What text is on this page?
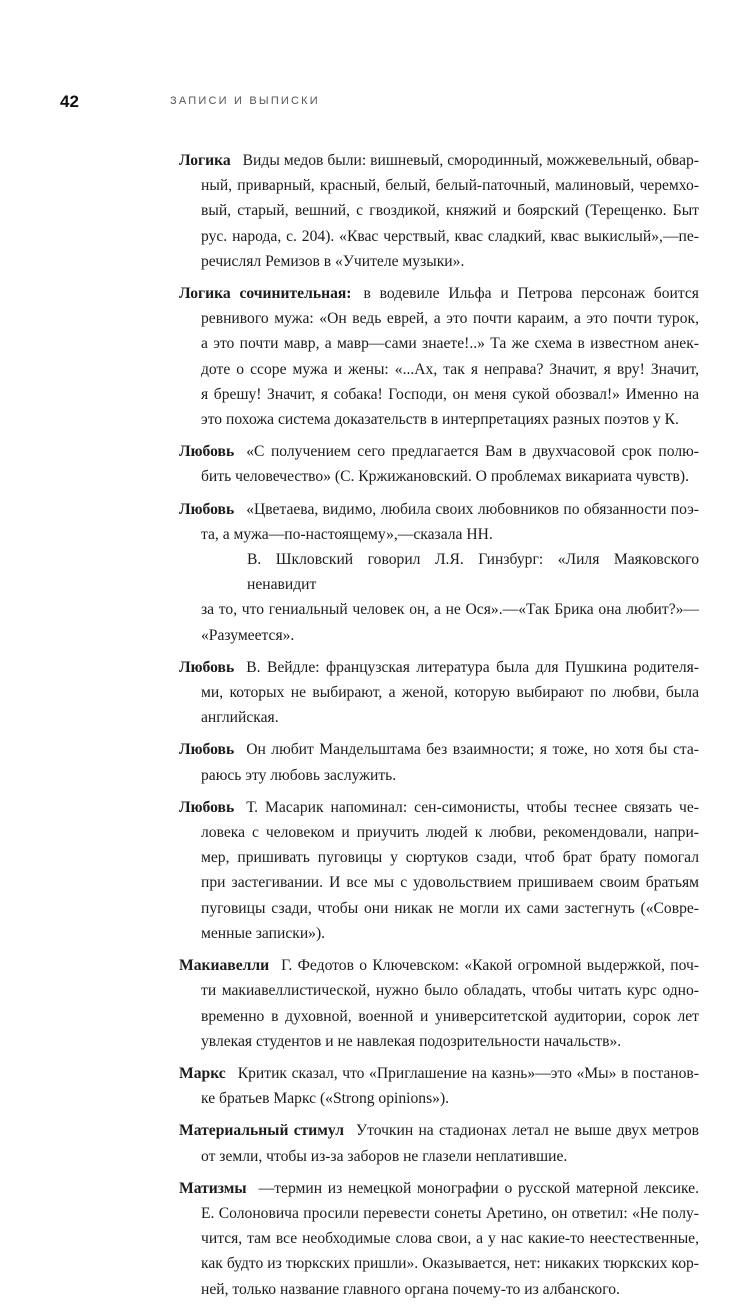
42	ЗАПИСИ И ВЫПИСКИ
Логика Виды медов были: вишневый, смородинный, можжевельный, обвар-
ный, приварный, красный, белый, белый-паточный, малиновый, черемхо-
вый, старый, вешний, с гвоздикой, княжий и боярский (Терещенко. Быт
рус. народа, с. 204). «Квас черствый, квас сладкий, квас выкислый»,—пе-
речислял Ремизов в «Учителе музыки».
Логика сочинительная: в водевиле Ильфа и Петрова персонаж боится
ревнивого мужа: «Он ведь еврей, а это почти караим, а это почти турок,
а это почти мавр, а мавр—сами знаете!..» Та же схема в известном анек-
доте о ссоре мужа и жены: «...Ах, так я неправа? Значит, я вру! Значит,
я брешу! Значит, я собака! Господи, он меня сукой обозвал!» Именно на
это похожа система доказательств в интерпретациях разных поэтов у К.
Любовь «С получением сего предлагается Вам в двухчасовой срок полю-
бить человечество» (С. Кржижановский. О проблемах викариата чувств).
Любовь «Цветаева, видимо, любила своих любовников по обязанности поэ-
та, а мужа—по-настоящему»,—сказала НН.
В. Шкловский говорил Л.Я. Гинзбург: «Лиля Маяковского ненавидит
за то, что гениальный человек он, а не Ося».—«Так Брика она любит?»—
«Разумеется».
Любовь В. Вейдле: французская литература была для Пушкина родителя-
ми, которых не выбирают, а женой, которую выбирают по любви, была
английская.
Любовь Он любит Мандельштама без взаимности; я тоже, но хотя бы ста-
раюсь эту любовь заслужить.
Любовь Т. Масарик напоминал: сен-симонисты, чтобы теснее связать че-
ловека с человеком и приучить людей к любви, рекомендовали, напри-
мер, пришивать пуговицы у сюртуков сзади, чтоб брат брату помогал
при застегивании. И все мы с удовольствием пришиваем своим братьям
пуговицы сзади, чтобы они никак не могли их сами застегнуть («Совре-
менные записки»).
Макиавелли Г. Федотов о Ключевском: «Какой огромной выдержкой, поч-
ти макиавеллистической, нужно было обладать, чтобы читать курс одно-
временно в духовной, военной и университетской аудитории, сорок лет
увлекая студентов и не навлекая подозрительности начальств».
Маркс Критик сказал, что «Приглашение на казнь»—это «Мы» в постанов-
ке братьев Маркс («Strong opinions»).
Материальный стимул Уточкин на стадионах летал не выше двух метров
от земли, чтобы из-за заборов не глазели неплатившие.
Матизмы —термин из немецкой монографии о русской матерной лексике.
Е. Солоновича просили перевести сонеты Аретино, он ответил: «Не полу-
чится, там все необходимые слова свои, а у нас какие-то неестественные,
как будто из тюркских пришли». Оказывается, нет: никаких тюркских кор-
ней, только название главного органа почему-то из албанского.
